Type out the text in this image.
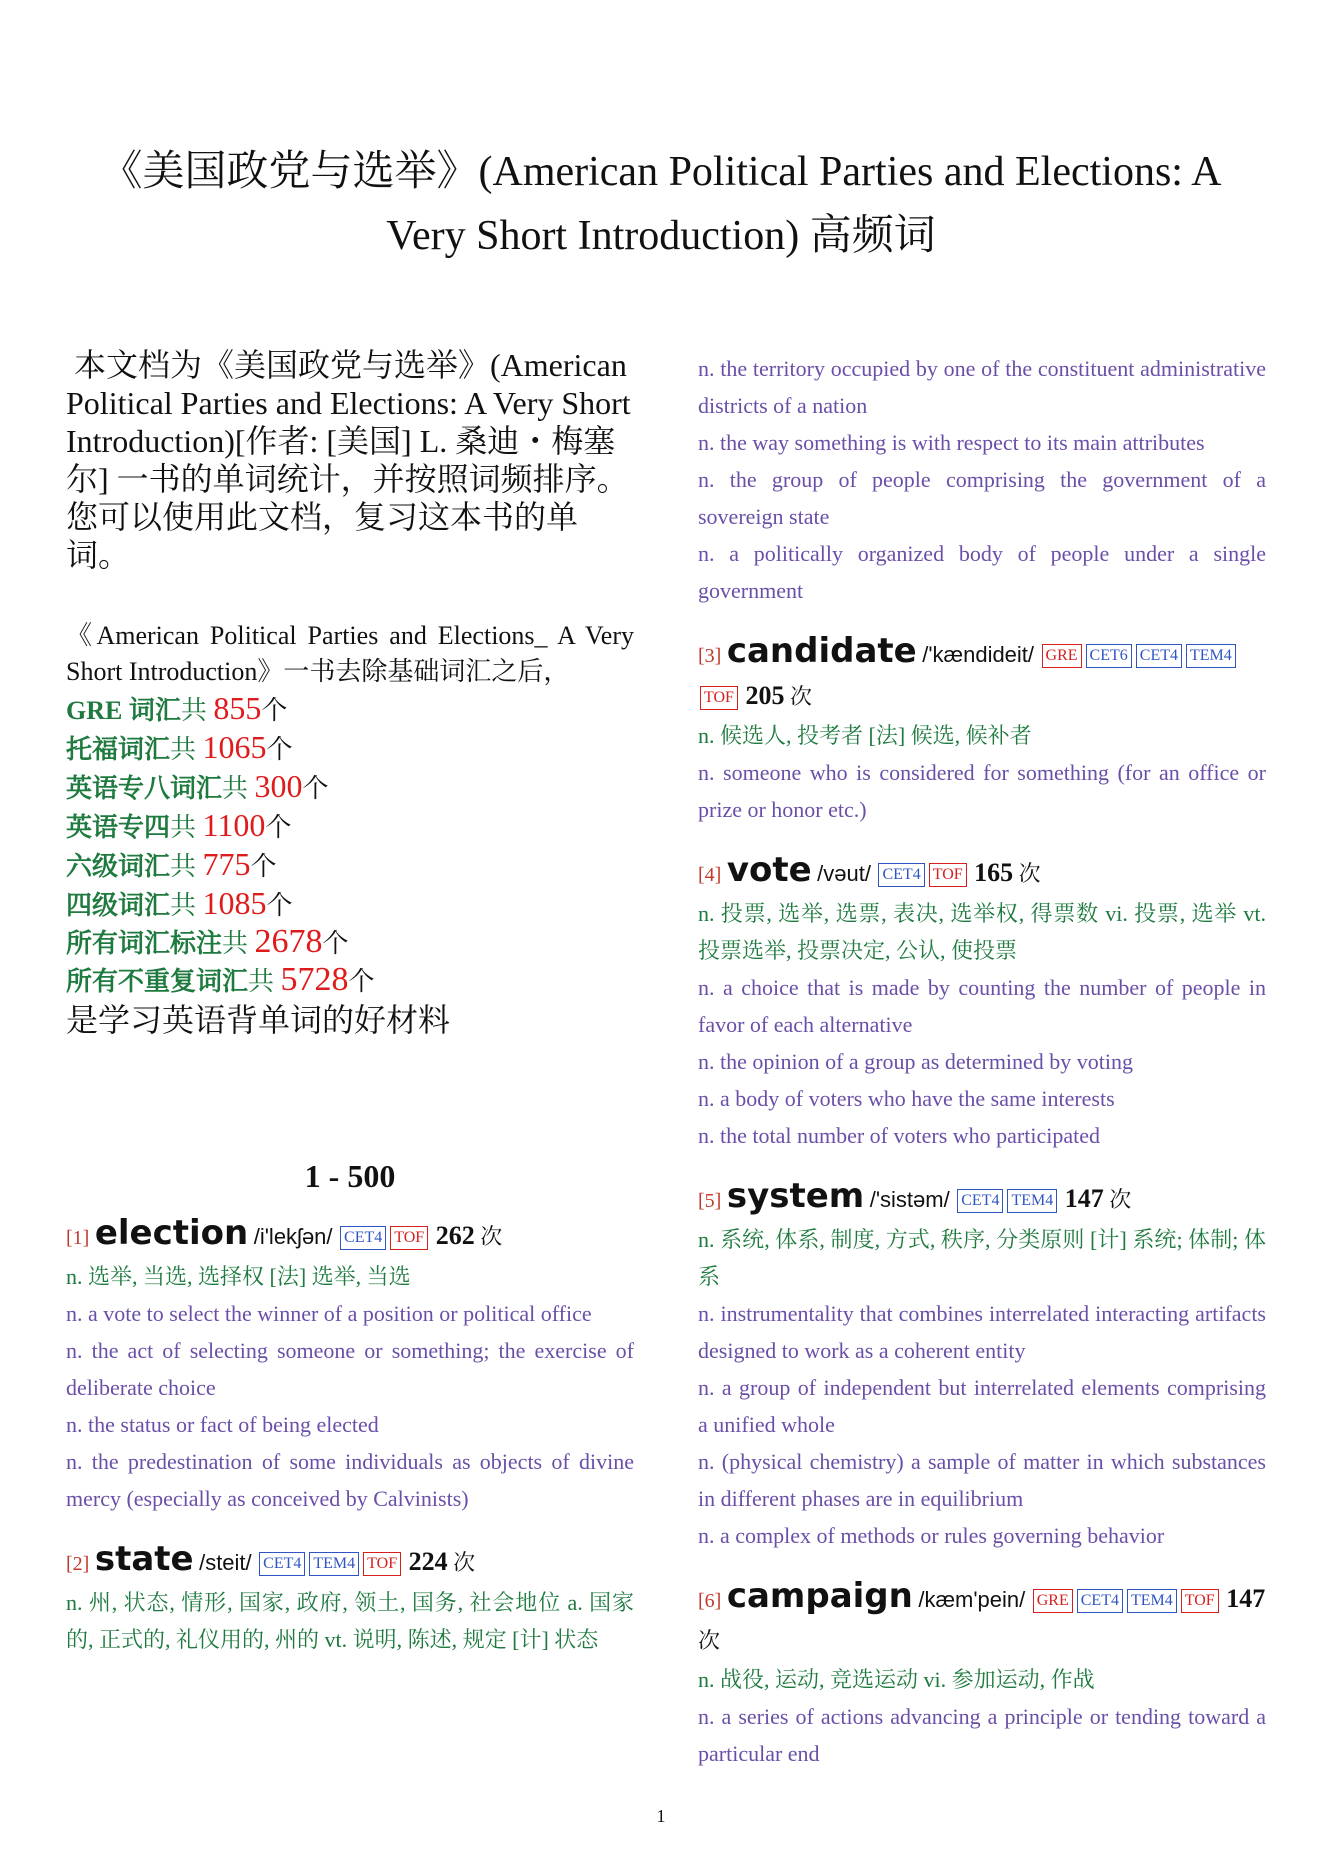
《美国政党与选举》(American Political Parties and Elections: A Very Short Introduction) 高频词

本文档为《美国政党与选举》(American Political Parties and Elections: A Very Short Introduction)[作者: [美国] L. 桑迪・梅塞尔] 一书的单词统计，并按照词频排序。

您可以使用此文档，复习这本书的单词。

《American Political Parties and Elections_ A Very Short Introduction》一书去除基础词汇之后，
GRE 词汇共 855个
托福词汇共 1065个
英语专八词汇共 300个
英语专四共 1100个
六级词汇共 775个
四级词汇共 1085个
所有词汇标注共 2678个
所有不重复词汇共 5728个
是学习英语背单词的好材料
1 - 500
[1] election /i'lekʃən/ CET4 TOF 262 次
n. 选举, 当选, 选择权 [法] 选举, 当选
n. a vote to select the winner of a position or political office
n. the act of selecting someone or something; the exercise of deliberate choice
n. the status or fact of being elected
n. the predestination of some individuals as objects of divine mercy (especially as conceived by Calvinists)
[2] state /steit/ CET4 TEM4 TOF 224 次
n. 州, 状态, 情形, 国家, 政府, 领土, 国务, 社会地位 a. 国家的, 正式的, 礼仪用的, 州的 vt. 说明, 陈述, 规定 [计] 状态
n. the territory occupied by one of the constituent administrative districts of a nation
n. the way something is with respect to its main attributes
n. the group of people comprising the government of a sovereign state
n. a politically organized body of people under a single government
[3] candidate /'kændideit/ GRE CET6 CET4 TEM4TOF 205 次
n. 候选人, 投考者 [法] 候选, 候补者
n. someone who is considered for something (for an office or prize or honor etc.)
[4] vote /vəut/ CET4 TOF 165 次
n. 投票, 选举, 选票, 表决, 选举权, 得票数 vi. 投票, 选举 vt. 投票选举, 投票决定, 公认, 使投票
n. a choice that is made by counting the number of people in favor of each alternative
n. the opinion of a group as determined by voting
n. a body of voters who have the same interests
n. the total number of voters who participated
[5] system /'sistəm/ CET4 TEM4 147 次
n. 系统, 体系, 制度, 方式, 秩序, 分类原则 [计] 系统; 体制; 体系
n. instrumentality that combines interrelated interacting artifacts designed to work as a coherent entity
n. a group of independent but interrelated elements comprising a unified whole
n. (physical chemistry) a sample of matter in which substances in different phases are in equilibrium
n. a complex of methods or rules governing behavior
[6] campaign /kæm'pein/ GRE CET4 TEM4 TOF 147 次
n. 战役, 运动, 竞选运动 vi. 参加运动, 作战
n. a series of actions advancing a principle or tending toward a particular end
1
